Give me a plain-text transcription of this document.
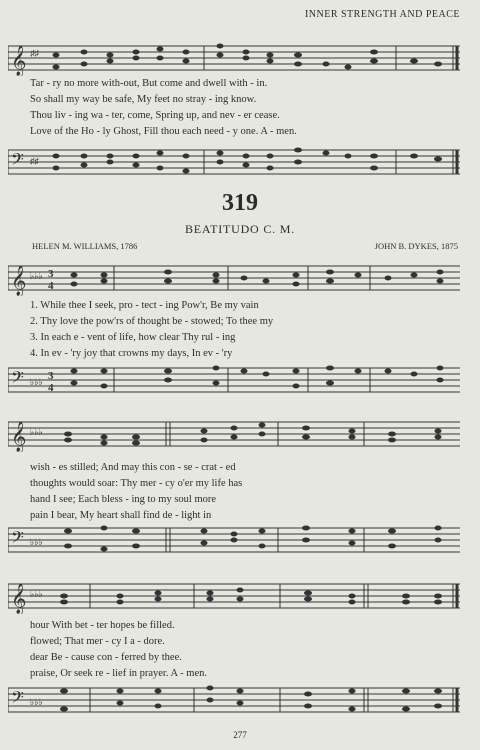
INNER STRENGTH AND PEACE
𝄞 ♯♯
Tar - ry no more with-out, But come and dwell with - in.
So shall my way be safe, My feet no stray - ing know.
Thou liv - ing wa - ter, come, Spring up, and nev - er cease.
Love of the Ho - ly Ghost, Fill thou each need - y one. A - men.
𝄢 ♯♯
319
BEATITUDO C. M.
HELEN M. WILLIAMS, 1786	JOHN B. DYKES, 1875
𝄞 ♭♭♭ 3
4
1. While thee I seek, pro - tect - ing Pow'r, Be my vain
2. Thy love the pow'rs of thought be - stowed; To thee my
3. In each e - vent of life, how clear Thy rul - ing
4. In ev - 'ry joy that crowns my days, In ev - 'ry
𝄢 ♭♭♭ 3
4
𝄞 ♭♭♭
wish - es stilled; And may this con - se - crat - ed
thoughts would soar: Thy mer - cy o'er my life has
hand I see; Each bless - ing to my soul more
pain I bear, My heart shall find de - light in
𝄢 ♭♭♭
𝄞 ♭♭♭
hour With bet - ter hopes be filled.
flowed; That mer - cy I a - dore.
dear Be - cause con - ferred by thee.
praise, Or seek re - lief in prayer. A - men.
𝄢 ♭♭♭
277
